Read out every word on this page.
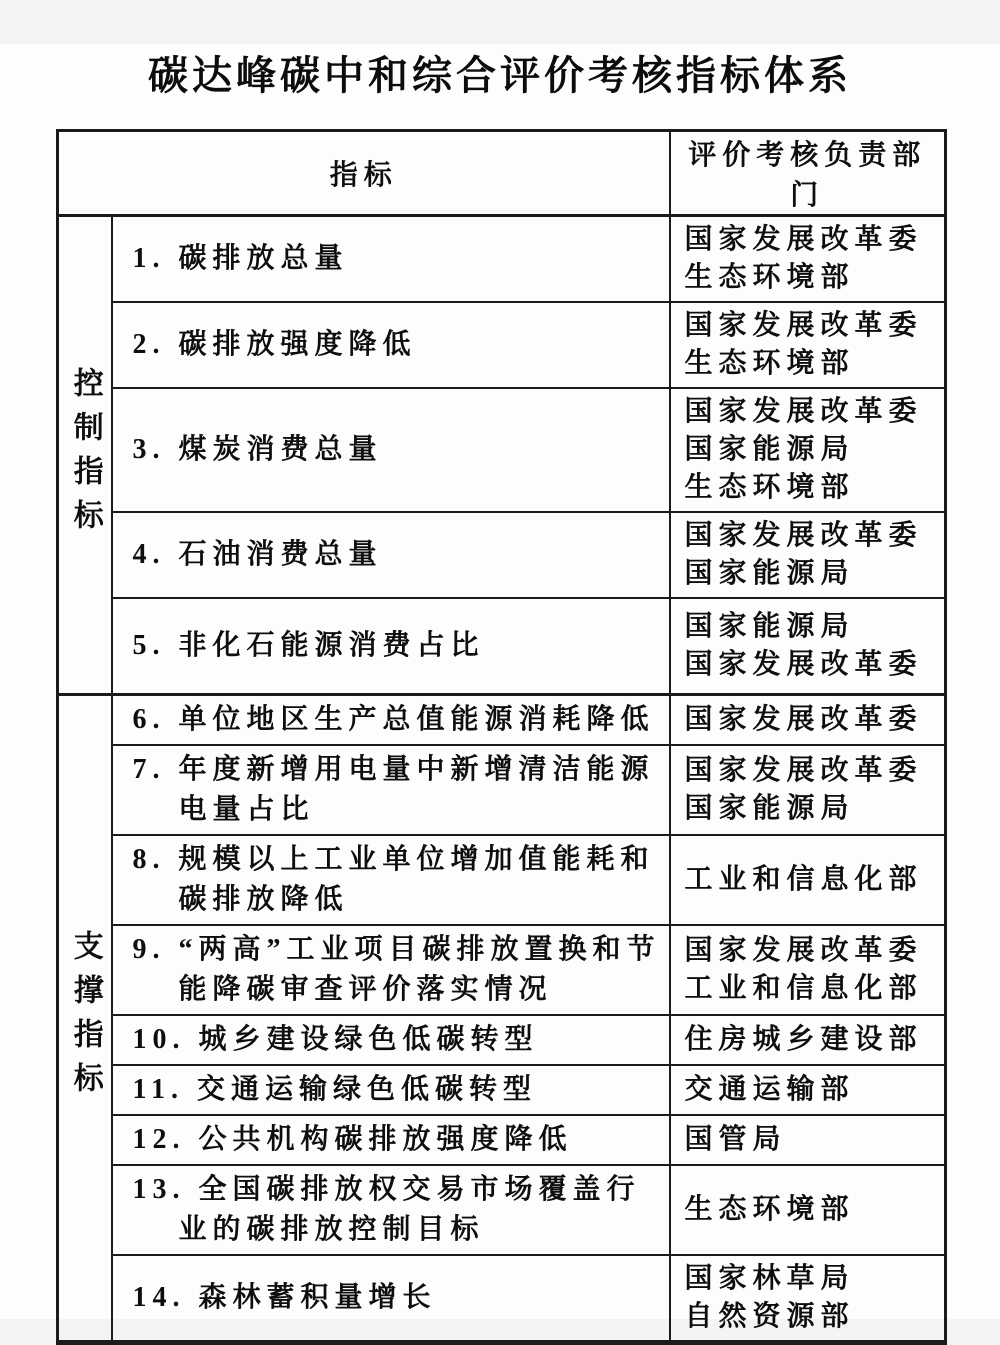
碳达峰碳中和综合评价考核指标体系
指标		评价考核负责部门
控制指标	1. 碳排放总量	国家发展改革委
生态环境部

	2. 碳排放强度降低	国家发展改革委
生态环境部

	3. 煤炭消费总量	国家发展改革委
国家能源局
生态环境部

	4. 石油消费总量	国家发展改革委
国家能源局

	5. 非化石能源消费占比	国家能源局
国家发展改革委

支撑指标	6. 单位地区生产总值能源消耗降低	国家发展改革委

	7. 年度新增用电量中新增清洁能源电量占比	国家发展改革委
国家能源局

	8. 规模以上工业单位增加值能耗和碳排放降低	工业和信息化部

	9. “两高”工业项目碳排放置换和节能降碳审查评价落实情况	国家发展改革委
工业和信息化部

	10. 城乡建设绿色低碳转型	住房城乡建设部

	11. 交通运输绿色低碳转型	交通运输部

	12. 公共机构碳排放强度降低	国管局

	13. 全国碳排放权交易市场覆盖行业的碳排放控制目标	生态环境部

	14. 森林蓄积量增长	国家林草局
自然资源部
